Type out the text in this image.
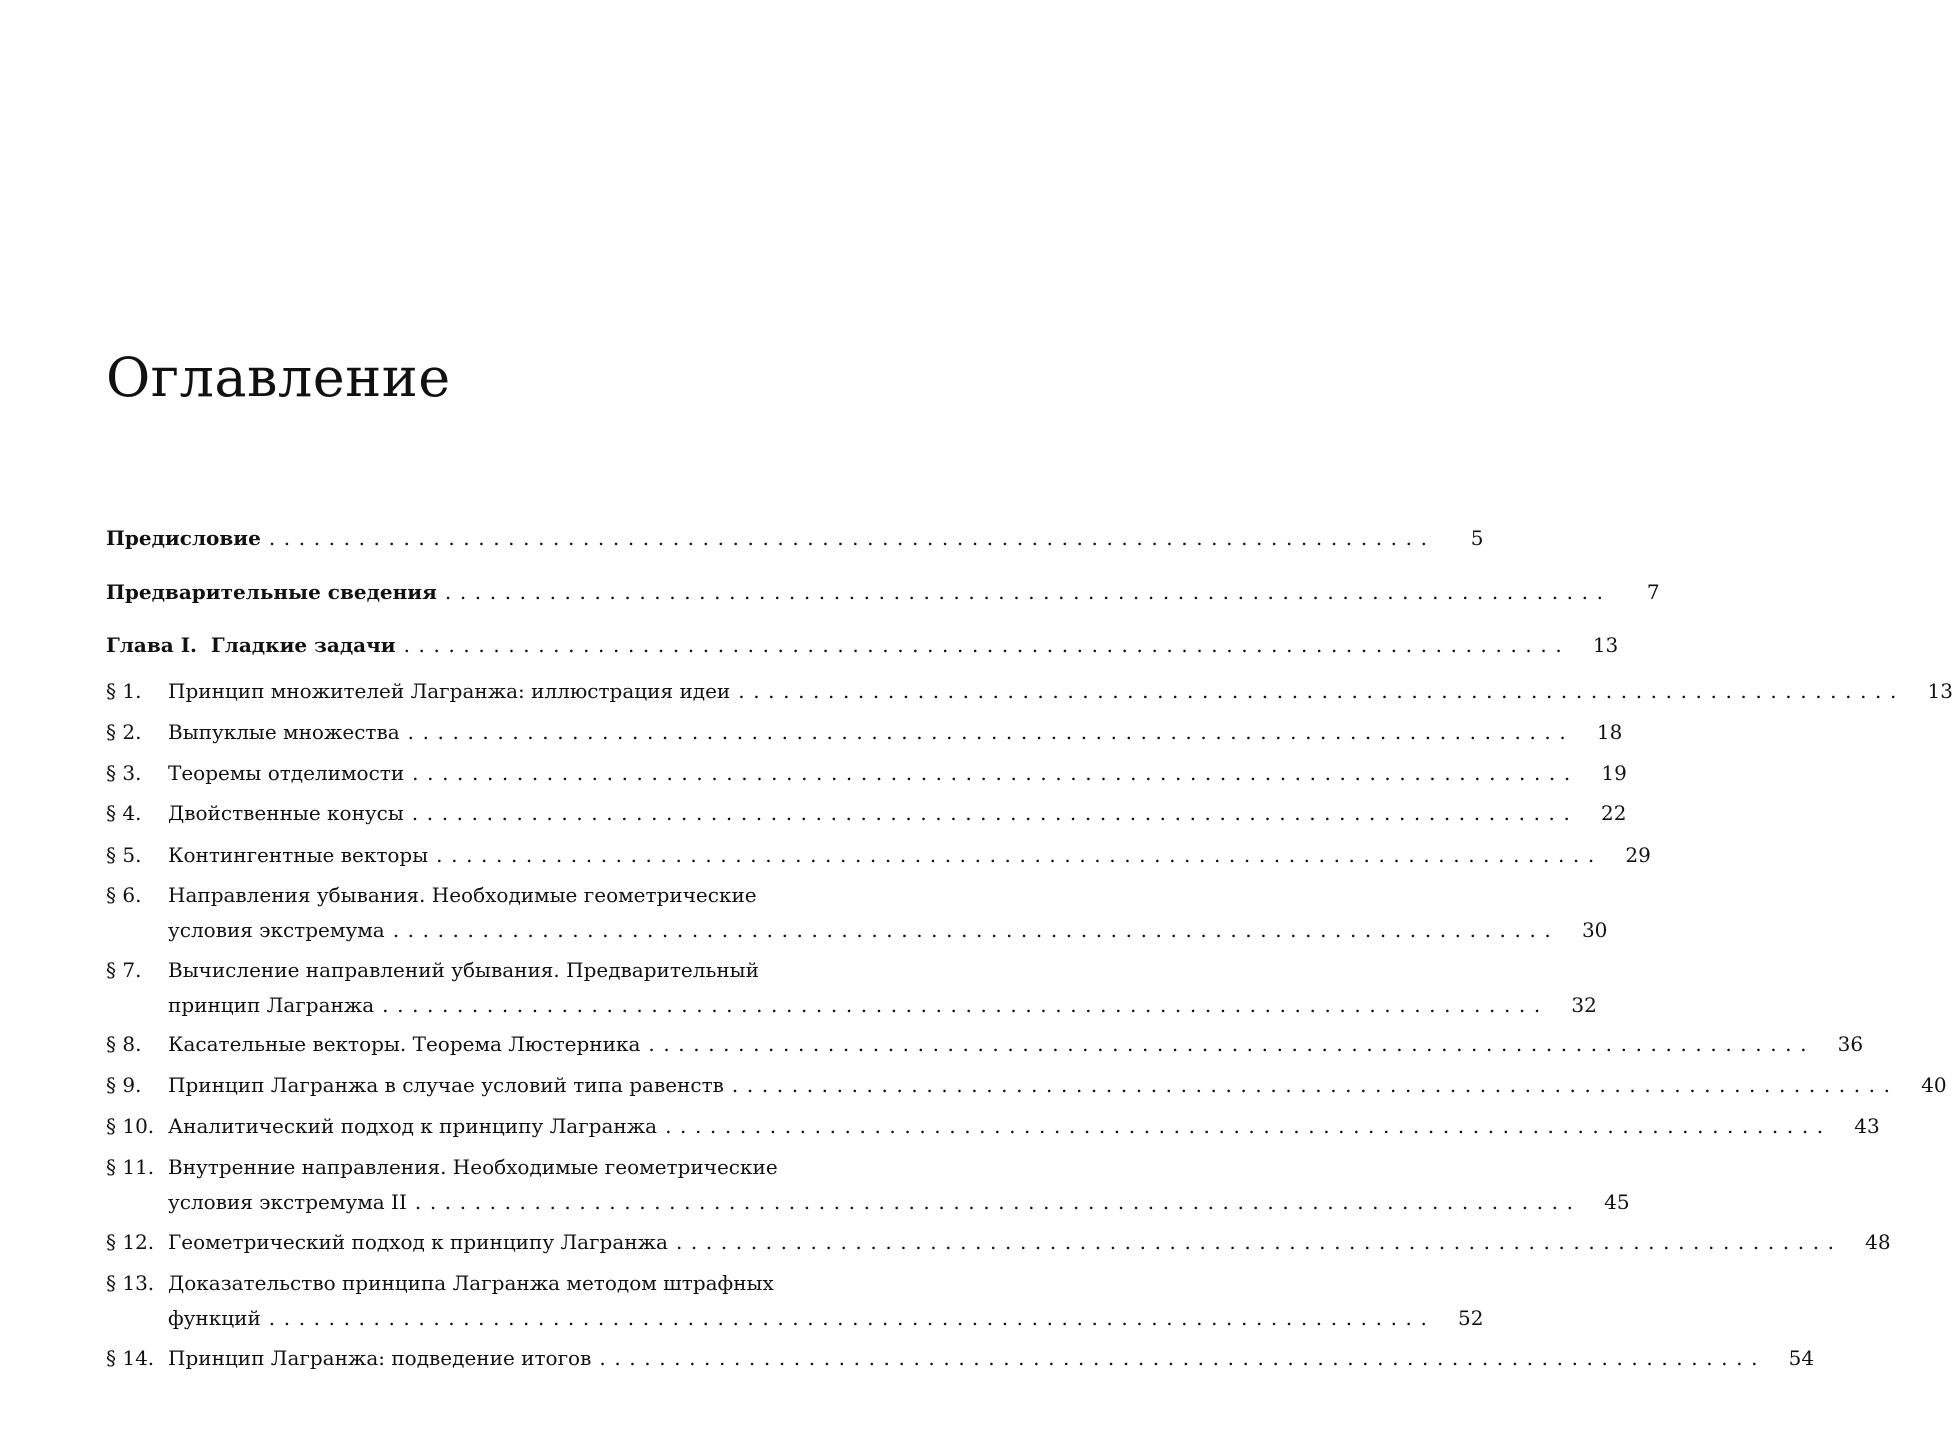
Оглавление
Предисловие ..............................................................................	5
Предварительные сведения ..............................................................................	7
Глава I.  Гладкие задачи ..............................................................................	13
§ 1. Принцип множителей Лагранжа: иллюстрация идеи ..............................................................................	13
§ 2. Выпуклые множества ..............................................................................	18
§ 3. Теоремы отделимости ..............................................................................	19
§ 4. Двойственные конусы ..............................................................................	22
§ 5. Контингентные векторы ..............................................................................	29
§ 6. Направления убывания. Необходимые геометрические
условия экстремума ..............................................................................	30
§ 7. Вычисление направлений убывания. Предварительный
принцип Лагранжа ..............................................................................	32
§ 8. Касательные векторы. Теорема Люстерника ..............................................................................	36
§ 9. Принцип Лагранжа в случае условий типа равенств ..............................................................................	40
§ 10. Аналитический подход к принципу Лагранжа ..............................................................................	43
§ 11. Внутренние направления. Необходимые геометрические
условия экстремума II ..............................................................................	45
§ 12. Геометрический подход к принципу Лагранжа ..............................................................................	48
§ 13. Доказательство принципа Лагранжа методом штрафных
функций ..............................................................................	52
§ 14. Принцип Лагранжа: подведение итогов ..............................................................................	54
